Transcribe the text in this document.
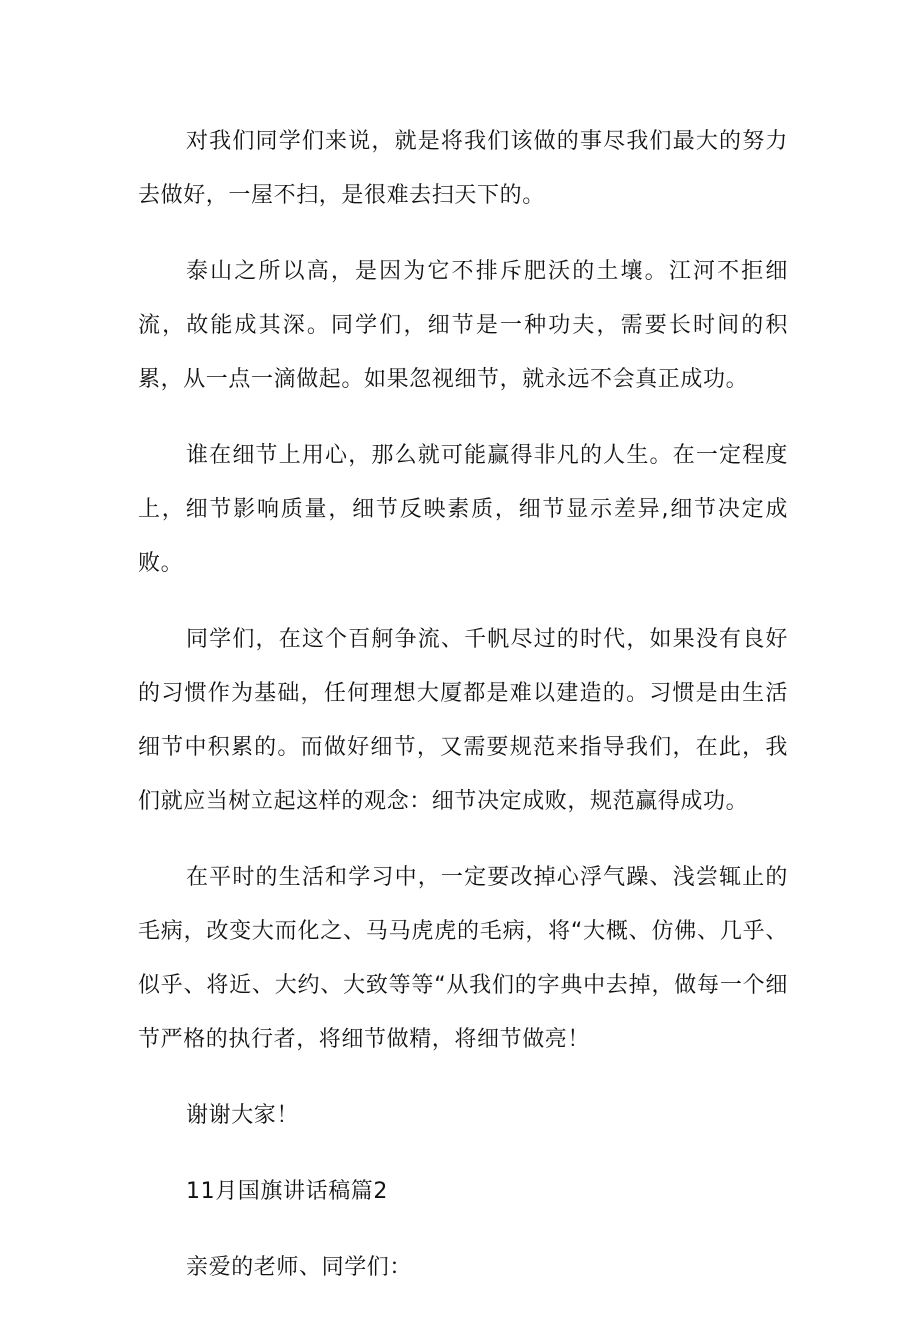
对我们同学们来说，就是将我们该做的事尽我们最大的努力去做好，一屋不扫，是很难去扫天下的。

泰山之所以高，是因为它不排斥肥沃的土壤。江河不拒细流，故能成其深。同学们，细节是一种功夫，需要长时间的积累，从一点一滴做起。如果忽视细节，就永远不会真正成功。

谁在细节上用心，那么就可能赢得非凡的人生。在一定程度上，细节影响质量，细节反映素质，细节显示差异,细节决定成败。

同学们，在这个百舸争流、千帆尽过的时代，如果没有良好的习惯作为基础，任何理想大厦都是难以建造的。习惯是由生活细节中积累的。而做好细节，又需要规范来指导我们，在此，我们就应当树立起这样的观念：细节决定成败，规范赢得成功。

在平时的生活和学习中，一定要改掉心浮气躁、浅尝辄止的毛病，改变大而化之、马马虎虎的毛病，将“大概、仿佛、几乎、似乎、将近、大约、大致等等“从我们的字典中去掉，做每一个细节严格的执行者，将细节做精，将细节做亮！

谢谢大家！

11月国旗讲话稿篇2

亲爱的老师、同学们：
